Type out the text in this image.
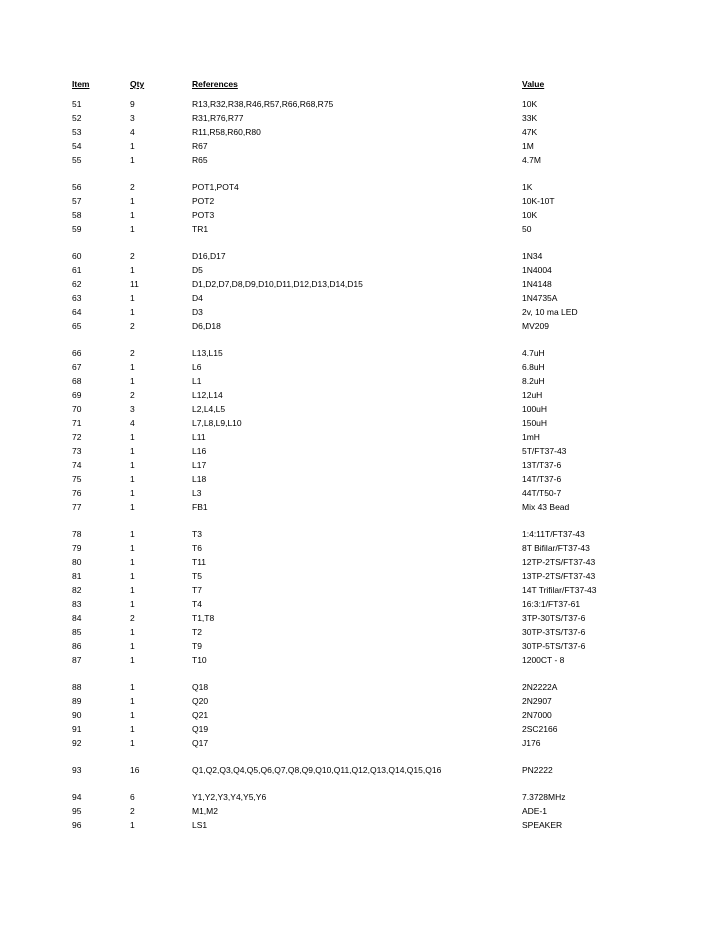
Item	Qty	References	Value
51	9	R13,R32,R38,R46,R57,R66,R68,R75	10K
52	3	R31,R76,R77	33K
53	4	R11,R58,R60,R80	47K
54	1	R67	1M
55	1	R65	4.7M

56	2	POT1,POT4	1K
57	1	POT2	10K-10T
58	1	POT3	10K
59	1	TR1	50

60	2	D16,D17	1N34
61	1	D5	1N4004
62	11	D1,D2,D7,D8,D9,D10,D11,D12,D13,D14,D15	1N4148
63	1	D4	1N4735A
64	1	D3	2v, 10 ma LED
65	2	D6,D18	MV209

66	2	L13,L15	4.7uH
67	1	L6	6.8uH
68	1	L1	8.2uH
69	2	L12,L14	12uH
70	3	L2,L4,L5	100uH
71	4	L7,L8,L9,L10	150uH
72	1	L11	1mH
73	1	L16	5T/FT37-43
74	1	L17	13T/T37-6
75	1	L18	14T/T37-6
76	1	L3	44T/T50-7
77	1	FB1	Mix 43 Bead

78	1	T3	1:4:11T/FT37-43
79	1	T6	8T Bifilar/FT37-43
80	1	T11	12TP-2TS/FT37-43
81	1	T5	13TP-2TS/FT37-43
82	1	T7	14T Trifilar/FT37-43
83	1	T4	16:3:1/FT37-61
84	2	T1,T8	3TP-30TS/T37-6
85	1	T2	30TP-3TS/T37-6
86	1	T9	30TP-5TS/T37-6
87	1	T10	1200CT - 8

88	1	Q18	2N2222A
89	1	Q20	2N2907
90	1	Q21	2N7000
91	1	Q19	2SC2166
92	1	Q17	J176

93	16	Q1,Q2,Q3,Q4,Q5,Q6,Q7,Q8,Q9,Q10,Q11,Q12,Q13,Q14,Q15,Q16	PN2222

94	6	Y1,Y2,Y3,Y4,Y5,Y6	7.3728MHz
95	2	M1,M2	ADE-1
96	1	LS1	SPEAKER
